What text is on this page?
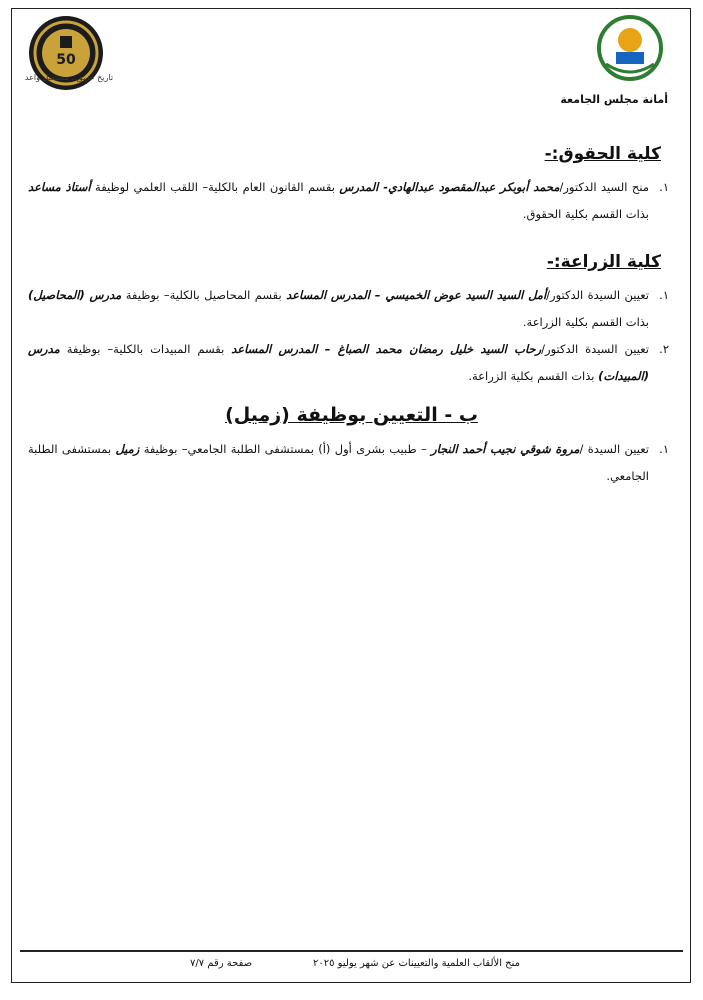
50
تاريخ عريق.. مستقبل واعد
أمانة مجلس الجامعة
كلية الحقوق:-
١.
منح السيد الدكتور/محمد أبوبكر عبدالمقصود عبدالهادي- المدرس بقسم القانون العام بالكلية– اللقب العلمي لوظيفة أستاذ مساعد بذات القسم بكلية الحقوق.
كلية الزراعة:-
١.
تعيين السيدة الدكتور/أمل السيد السيد عوض الخميسي – المدرس المساعد بقسم المحاصيل بالكلية– بوظيفة مدرس (المحاصيل) بذات القسم بكلية الزراعة.
٢.
تعيين السيدة الدكتور/رحاب السيد خليل رمضان محمد الصباغ – المدرس المساعد بقسم المبيدات بالكلية– بوظيفة مدرس (المبيدات) بذات القسم بكلية الزراعة.
ب - التعيين بوظيفة (زميل)
١.
تعيين السيدة /مروة شوقي نجيب أحمد النجار – طبيب بشرى أول (أ) بمستشفى الطلبة الجامعي– بوظيفة زميل بمستشفى الطلبة الجامعي.
منح الألقاب العلمية والتعيينات عن شهر يوليو ٢٠٢٥
صفحة رقم ٧/٧
